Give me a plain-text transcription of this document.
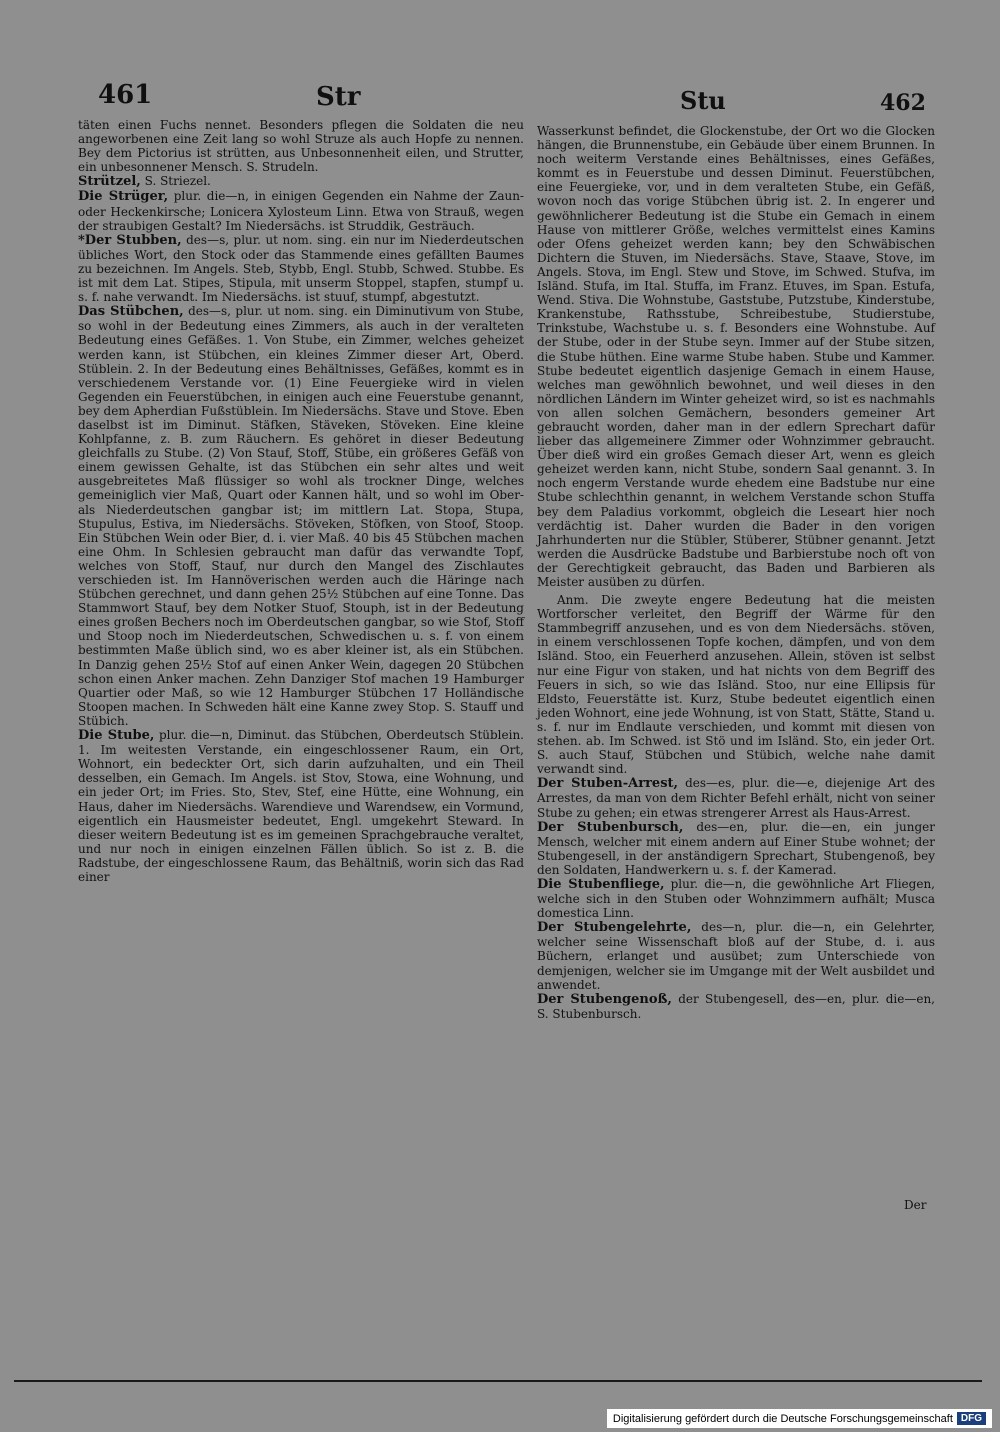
461	Str	Stu	462

täten einen Fuchs nennet. Besonders pflegen die Soldaten die neu angeworbenen eine Zeit lang so wohl Struze als auch Hopfe zu nennen. Bey dem Pictorius ist strütten, aus Unbesonnenheit eilen, und Strutter, ein unbesonnener Mensch. S. Strudeln.

Strützel, S. Striezel.

Die Strüger, plur. die—n, in einigen Gegenden ein Nahme der Zaun- oder Heckenkirsche; Lonicera Xylosteum Linn. Etwa von Strauß, wegen der straubigen Gestalt? Im Niedersächs. ist Struddik, Gesträuch.

*Der Stubben, des—s, plur. ut nom. sing. ein nur im Niederdeutschen übliches Wort, den Stock oder das Stammende eines gefällten Baumes zu bezeichnen. Im Angels. Steb, Stybb, Engl. Stubb, Schwed. Stubbe. Es ist mit dem Lat. Stipes, Stipula, mit unserm Stoppel, stapfen, stumpf u. s. f. nahe verwandt. Im Niedersächs. ist stuuf, stumpf, abgestutzt.

Das Stübchen, des—s, plur. ut nom. sing. ein Diminutivum von Stube, so wohl in der Bedeutung eines Zimmers, als auch in der veralteten Bedeutung eines Gefäßes. 1. Von Stube, ein Zimmer, welches geheizet werden kann, ist Stübchen, ein kleines Zimmer dieser Art, Oberd. Stüblein. 2. In der Bedeutung eines Behältnisses, Gefäßes, kommt es in verschiedenem Verstande vor. (1) Eine Feuergieke wird in vielen Gegenden ein Feuerstübchen, in einigen auch eine Feuerstube genannt, bey dem Apherdian Fußstüblein. Im Niedersächs. Stave und Stove. Eben daselbst ist im Diminut. Stäfken, Stäveken, Stöveken. Eine kleine Kohlpfanne, z. B. zum Räuchern. Es gehöret in dieser Bedeutung gleichfalls zu Stube. (2) Von Stauf, Stoff, Stübe, ein größeres Gefäß von einem gewissen Gehalte, ist das Stübchen ein sehr altes und weit ausgebreitetes Maß flüssiger so wohl als trockner Dinge, welches gemeiniglich vier Maß, Quart oder Kannen hält, und so wohl im Ober- als Niederdeutschen gangbar ist; im mittlern Lat. Stopa, Stupa, Stupulus, Estiva, im Niedersächs. Stöveken, Stöfken, von Stoof, Stoop. Ein Stübchen Wein oder Bier, d. i. vier Maß. 40 bis 45 Stübchen machen eine Ohm. In Schlesien gebraucht man dafür das verwandte Topf, welches von Stoff, Stauf, nur durch den Mangel des Zischlautes verschieden ist. Im Hannöverischen werden auch die Häringe nach Stübchen gerechnet, und dann gehen 25½ Stübchen auf eine Tonne. Das Stammwort Stauf, bey dem Notker Stuof, Stouph, ist in der Bedeutung eines großen Bechers noch im Oberdeutschen gangbar, so wie Stof, Stoff und Stoop noch im Niederdeutschen, Schwedischen u. s. f. von einem bestimmten Maße üblich sind, wo es aber kleiner ist, als ein Stübchen. In Danzig gehen 25½ Stof auf einen Anker Wein, dagegen 20 Stübchen schon einen Anker machen. Zehn Danziger Stof machen 19 Hamburger Quartier oder Maß, so wie 12 Hamburger Stübchen 17 Holländische Stoopen machen. In Schweden hält eine Kanne zwey Stop. S. Stauff und Stübich.

Die Stube, plur. die—n, Diminut. das Stübchen, Oberdeutsch Stüblein. 1. Im weitesten Verstande, ein eingeschlossener Raum, ein Ort, Wohnort, ein bedeckter Ort, sich darin aufzuhalten, und ein Theil desselben, ein Gemach. Im Angels. ist Stov, Stowa, eine Wohnung, und ein jeder Ort; im Fries. Sto, Stev, Stef, eine Hütte, eine Wohnung, ein Haus, daher im Niedersächs. Warendieve und Warendsew, ein Vormund, eigentlich ein Hausmeister bedeutet, Engl. umgekehrt Steward. In dieser weitern Bedeutung ist es im gemeinen Sprachgebrauche veraltet, und nur noch in einigen einzelnen Fällen üblich. So ist z. B. die Radstube, der eingeschlossene Raum, das Behältniß, worin sich das Rad einer

Wasserkunst befindet, die Glockenstube, der Ort wo die Glocken hängen, die Brunnenstube, ein Gebäude über einem Brunnen. In noch weiterm Verstande eines Behältnisses, eines Gefäßes, kommt es in Feuerstube und dessen Diminut. Feuerstübchen, eine Feuergieke, vor, und in dem veralteten Stube, ein Gefäß, wovon noch das vorige Stübchen übrig ist. 2. In engerer und gewöhnlicherer Bedeutung ist die Stube ein Gemach in einem Hause von mittlerer Größe, welches vermittelst eines Kamins oder Ofens geheizet werden kann; bey den Schwäbischen Dichtern die Stuven, im Niedersächs. Stave, Staave, Stove, im Angels. Stova, im Engl. Stew und Stove, im Schwed. Stufva, im Isländ. Stufa, im Ital. Stuffa, im Franz. Etuves, im Span. Estufa, Wend. Stiva. Die Wohnstube, Gaststube, Putzstube, Kinderstube, Krankenstube, Rathsstube, Schreibestube, Studierstube, Trinkstube, Wachstube u. s. f. Besonders eine Wohnstube. Auf der Stube, oder in der Stube seyn. Immer auf der Stube sitzen, die Stube hüthen. Eine warme Stube haben. Stube und Kammer. Stube bedeutet eigentlich dasjenige Gemach in einem Hause, welches man gewöhnlich bewohnet, und weil dieses in den nördlichen Ländern im Winter geheizet wird, so ist es nachmahls von allen solchen Gemächern, besonders gemeiner Art gebraucht worden, daher man in der edlern Sprechart dafür lieber das allgemeinere Zimmer oder Wohnzimmer gebraucht. Über dieß wird ein großes Gemach dieser Art, wenn es gleich geheizet werden kann, nicht Stube, sondern Saal genannt. 3. In noch engerm Verstande wurde ehedem eine Badstube nur eine Stube schlechthin genannt, in welchem Verstande schon Stuffa bey dem Paladius vorkommt, obgleich die Leseart hier noch verdächtig ist. Daher wurden die Bader in den vorigen Jahrhunderten nur die Stübler, Stüberer, Stübner genannt. Jetzt werden die Ausdrücke Badstube und Barbierstube noch oft von der Gerechtigkeit gebraucht, das Baden und Barbieren als Meister ausüben zu dürfen.

Anm. Die zweyte engere Bedeutung hat die meisten Wortforscher verleitet, den Begriff der Wärme für den Stammbegriff anzusehen, und es von dem Niedersächs. stöven, in einem verschlossenen Topfe kochen, dämpfen, und von dem Isländ. Stoo, ein Feuerherd anzusehen. Allein, stöven ist selbst nur eine Figur von staken, und hat nichts von dem Begriff des Feuers in sich, so wie das Isländ. Stoo, nur eine Ellipsis für Eldsto, Feuerstätte ist. Kurz, Stube bedeutet eigentlich einen jeden Wohnort, eine jede Wohnung, ist von Statt, Stätte, Stand u. s. f. nur im Endlaute verschieden, und kommt mit diesen von stehen. ab. Im Schwed. ist Stö und im Isländ. Sto, ein jeder Ort. S. auch Stauf, Stübchen und Stübich, welche nahe damit verwandt sind.

Der Stuben-Arrest, des—es, plur. die—e, diejenige Art des Arrestes, da man von dem Richter Befehl erhält, nicht von seiner Stube zu gehen; ein etwas strengerer Arrest als Haus-Arrest.

Der Stubenbursch, des—en, plur. die—en, ein junger Mensch, welcher mit einem andern auf Einer Stube wohnet; der Stubengesell, in der anständigern Sprechart, Stubengenoß, bey den Soldaten, Handwerkern u. s. f. der Kamerad.

Die Stubenfliege, plur. die—n, die gewöhnliche Art Fliegen, welche sich in den Stuben oder Wohnzimmern aufhält; Musca domestica Linn.

Der Stubengelehrte, des—n, plur. die—n, ein Gelehrter, welcher seine Wissenschaft bloß auf der Stube, d. i. aus Büchern, erlanget und ausübet; zum Unterschiede von demjenigen, welcher sie im Umgange mit der Welt ausbildet und anwendet.

Der Stubengenoß, der Stubengesell, des—en, plur. die—en, S. Stubenbursch.

Der
Digitalisierung gefördert durch die Deutsche Forschungsgemeinschaft DFG
